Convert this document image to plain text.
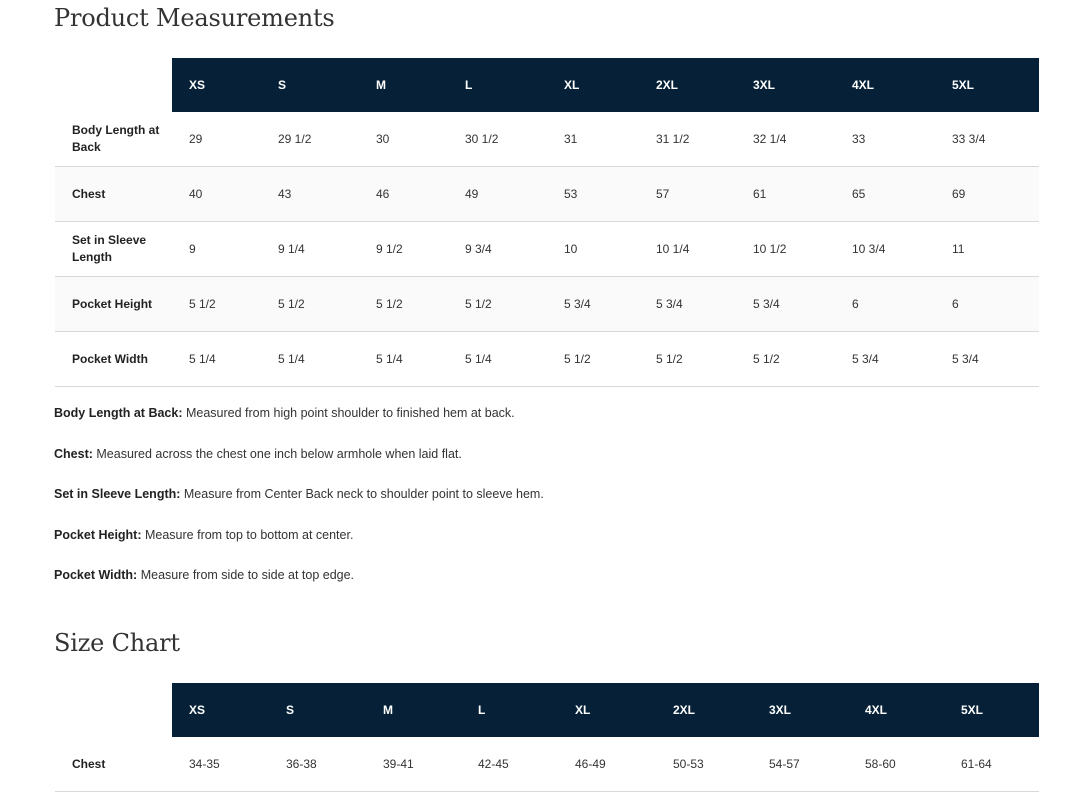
Product Measurements
	XS	S	M	L	XL	2XL	3XL	4XL	5XL
Body Length at Back	29	29 1/2	30	30 1/2	31	31 1/2	32 1/4	33	33 3/4
Chest	40	43	46	49	53	57	61	65	69
Set in Sleeve Length	9	9 1/4	9 1/2	9 3/4	10	10 1/4	10 1/2	10 3/4	11
Pocket Height	5 1/2	5 1/2	5 1/2	5 1/2	5 3/4	5 3/4	5 3/4	6	6
Pocket Width	5 1/4	5 1/4	5 1/4	5 1/4	5 1/2	5 1/2	5 1/2	5 3/4	5 3/4

Body Length at Back: Measured from high point shoulder to finished hem at back.

Chest: Measured across the chest one inch below armhole when laid flat.

Set in Sleeve Length: Measure from Center Back neck to shoulder point to sleeve hem.

Pocket Height: Measure from top to bottom at center.

Pocket Width: Measure from side to side at top edge.

Size Chart
	XS	S	M	L	XL	2XL	3XL	4XL	5XL
Chest	34-35	36-38	39-41	42-45	46-49	50-53	54-57	58-60	61-64
